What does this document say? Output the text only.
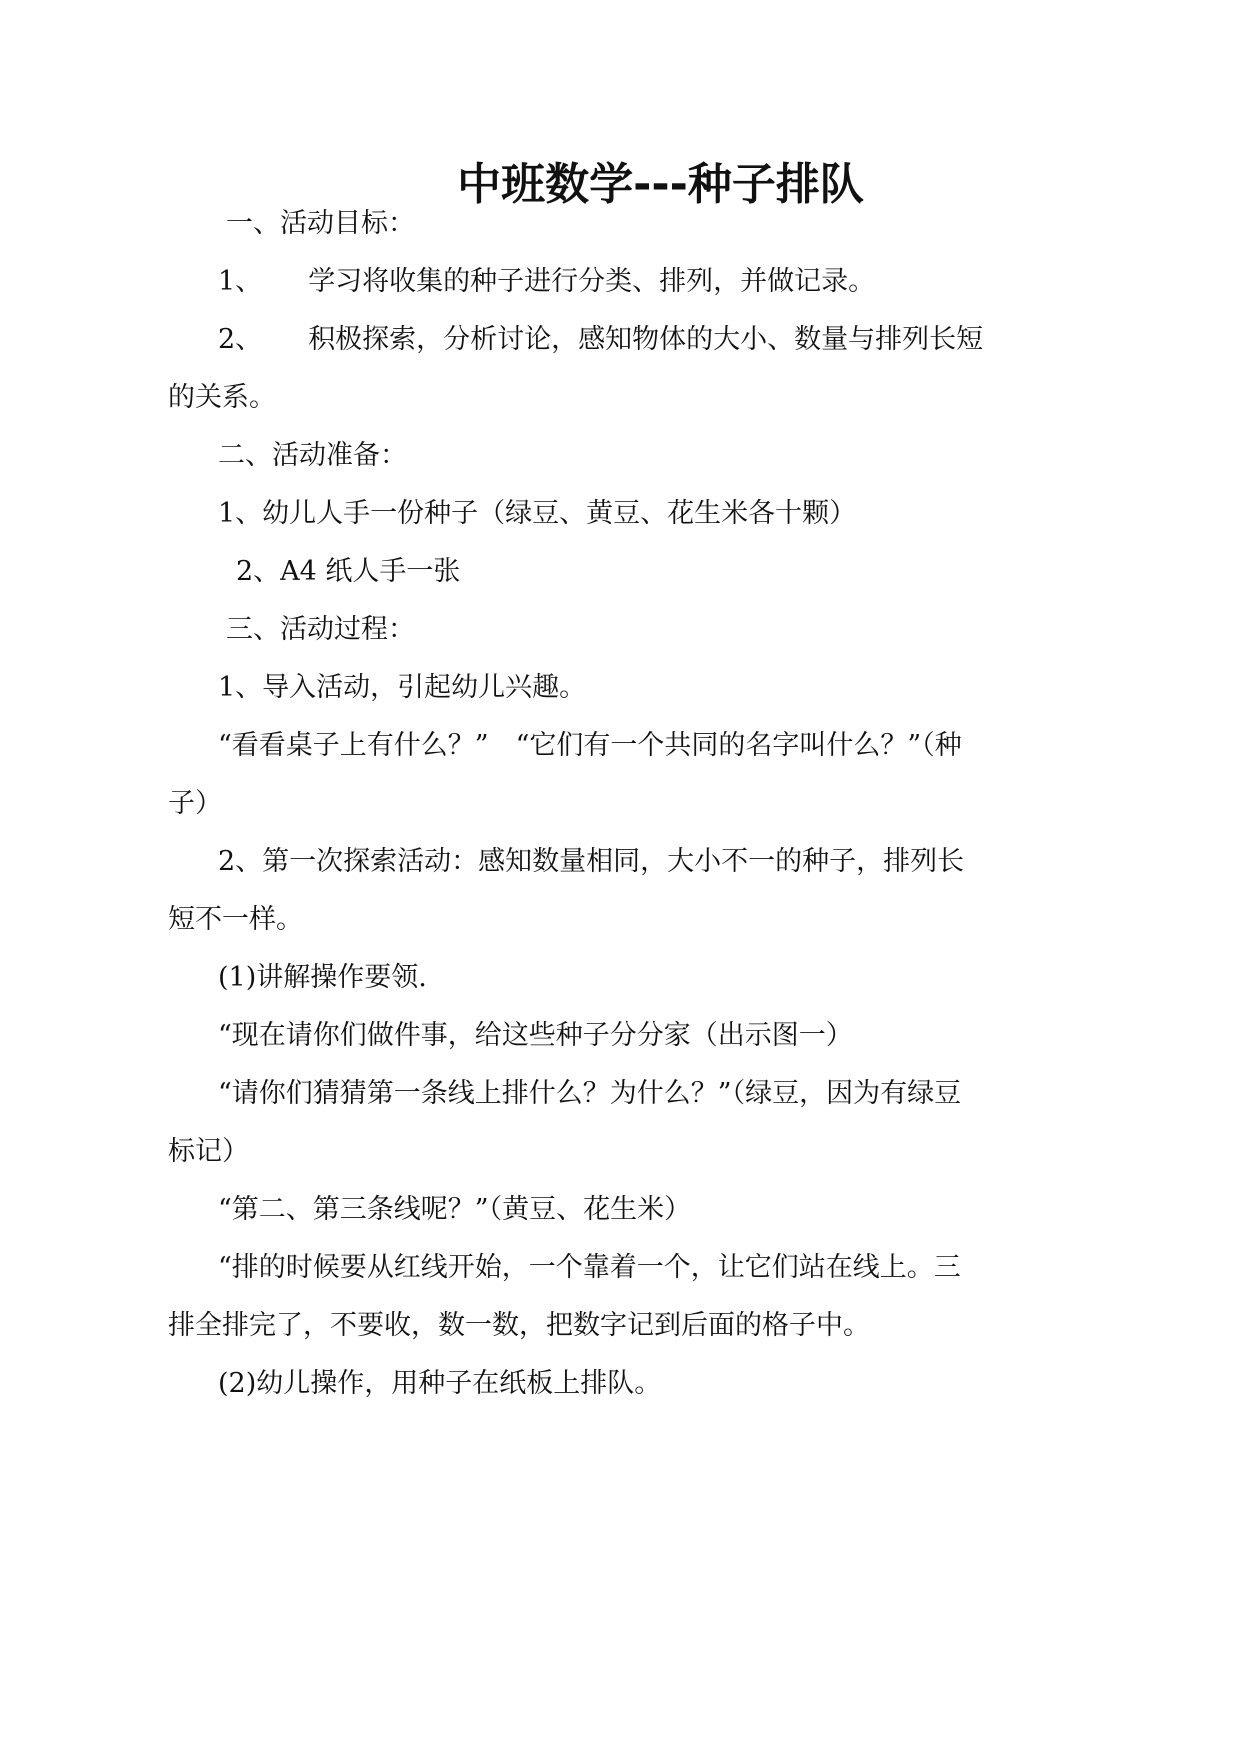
中班数学---种子排队
一、活动目标：
1、 学习将收集的种子进行分类、排列，并做记录。
2、 积极探索，分析讨论，感知物体的大小、数量与排列长短
的关系。
二、活动准备：
1、幼儿人手一份种子（绿豆、黄豆、花生米各十颗）
2、A4 纸人手一张
三、活动过程：
1、导入活动，引起幼儿兴趣。
“看看桌子上有什么？”　“它们有一个共同的名字叫什么？”（种
子）
2、第一次探索活动：感知数量相同，大小不一的种子，排列长
短不一样。
(1)讲解操作要领.
“现在请你们做件事，给这些种子分分家（出示图一）
“请你们猜猜第一条线上排什么？为什么？”（绿豆，因为有绿豆
标记）
“第二、第三条线呢？”（黄豆、花生米）
“排的时候要从红线开始，一个靠着一个，让它们站在线上。三
排全排完了，不要收，数一数，把数字记到后面的格子中。
(2)幼儿操作，用种子在纸板上排队。
